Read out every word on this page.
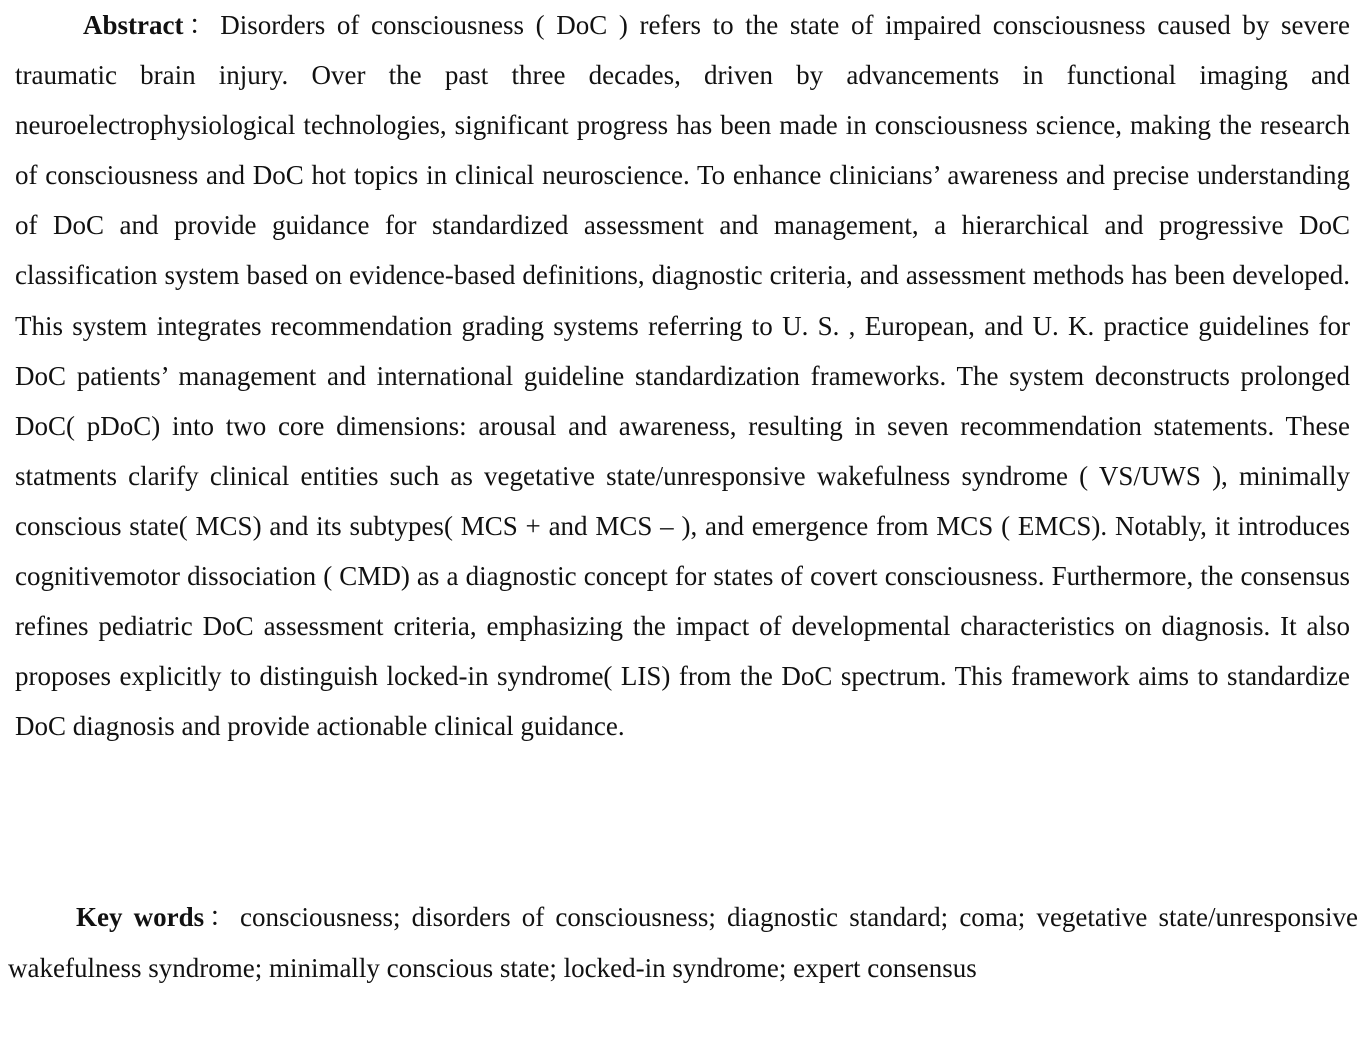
Abstract：Disorders of consciousness ( DoC ) refers to the state of impaired consciousness caused by severe traumatic brain injury. Over the past three decades, driven by advancements in functional imaging and neuroelectrophysiological technologies, significant progress has been made in consciousness science, making the research of consciousness and DoC hot topics in clinical neuroscience. To enhance clinicians’ awareness and precise understanding of DoC and provide guidance for standardized assessment and management, a hierarchical and progressive DoC classification system based on evidence-based definitions, diagnostic criteria, and assessment methods has been developed. This system integrates recommendation grading systems referring to U. S. , European, and U. K. practice guidelines for DoC patients’ management and international guideline standardization frameworks. The system deconstructs prolonged DoC( pDoC) into two core dimensions: arousal and awareness, resulting in seven recommendation statements. These statments clarify clinical entities such as vegetative state/unresponsive wakefulness syndrome ( VS/UWS ), minimally conscious state( MCS) and its subtypes( MCS + and MCS – ), and emergence from MCS ( EMCS). Notably, it introduces cognitivemotor dissociation ( CMD) as a diagnostic concept for states of covert consciousness. Furthermore, the consensus refines pediatric DoC assessment criteria, emphasizing the impact of developmental characteristics on diagnosis. It also proposes explicitly to distinguish locked-in syndrome( LIS) from the DoC spectrum. This framework aims to standardize DoC diagnosis and provide actionable clinical guidance.

Key words：consciousness; disorders of consciousness; diagnostic standard; coma; vegetative state/unresponsive wakefulness syndrome; minimally conscious state; locked-in syndrome; expert consensus
